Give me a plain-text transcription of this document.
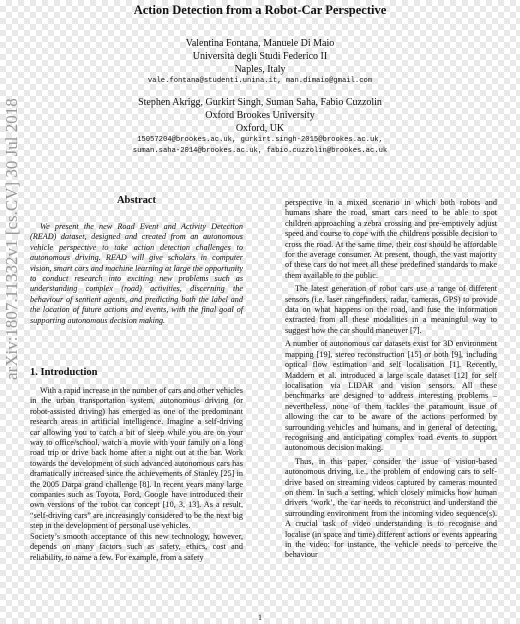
Action Detection from a Robot-Car Perspective
Valentina Fontana, Manuele Di Maio
Università degli Studi Federico II
Naples, Italy
vale.fontana@studenti.unina.it, man.dimaio@gmail.com
Stephen Akrigg, Gurkirt Singh, Suman Saha, Fabio Cuzzolin
Oxford Brookes University
Oxford, UK
15057204@brookes.ac.uk, gurkirt.singh-2015@brookes.ac.uk,
suman.saha-2014@brookes.ac.uk, fabio.cuzzolin@brookes.ac.uk
arXiv:1807.11332v1 [cs.CV] 30 Jul 2018	Abstract

We present the new Road Event and Activity Detection (READ) dataset, designed and created from an autonomous vehicle perspective to take action detection challenges to autonomous driving. READ will give scholars in computer vision, smart cars and machine learning at large the opportunity to conduct research into exciting new problems such as understanding complex (road) activities, discerning the behaviour of sentient agents, and predicting both the label and the location of future actions and events, with the final goal of supporting autonomous decision making.

1. Introduction

With a rapid increase in the number of cars and other vehicles in the urban transportation system, autonomous driving (or robot-assisted driving) has emerged as one of the predominant research areas in artificial intelligence. Imagine a self-driving car allowing you to catch a bit of sleep while you are on your way to office/school, watch a movie with your family on a long road trip or drive back home after a night out at the bar. Work towards the development of such advanced autonomous cars has dramatically increased since the achievements of Stanley [25] in the 2005 Darpa grand challenge [8]. In recent years many large companies such as Toyota, Ford, Google have introduced their own versions of the robot car concept [10, 3, 13]. As a result, “self-driving cars” are increasingly considered to be the next big step in the development of personal use vehicles.

Society’s smooth acceptance of this new technology, however, depends on many factors such as safety, ethics, cost and reliability, to name a few. For example, from a safety

perspective in a mixed scenario in which both robots and humans share the road, smart cars need to be able to spot children approaching a zebra crossing and pre-emptively adjust speed and course to cope with the childrens possible decision to cross the road. At the same time, their cost should be affordable for the average consumer. At present, though, the vast majority of these cars do not meet all these predefined standards to make them available to the public.

The latest generation of robot cars use a range of different sensors (i.e. laser rangefinders, radar, cameras, GPS) to provide data on what happens on the road, and fuse the information extracted from all these modalities in a meaningful way to suggest how the car should maneuver [7].

A number of autonomous car datasets exist for 3D environment mapping [19], stereo reconstruction [15] or both [9], including optical flow estimation and self localisation [1]. Recently, Maddern et al. introduced a large scale dataset [12] for self localisation via LIDAR and vision sensors. All these benchmarks are designed to address interesting problems – nevertheless, none of them tackles the paramount issue of allowing the car to be aware of the actions performed by surrounding vehicles and humans, and in general of detecting, recognising and anticipating complex road events to support autonomous decision making.

Thus, in this paper, consider the issue of vision-based autonomous driving, i.e., the problem of endowing cars to self-drive based on streaming videos captured by cameras mounted on them. In such a setting, which closely mimicks how human drivers ‘work’, the car needs to reconstruct and understand the surrounding environment from the incoming video sequence(s). A crucial task of video understanding is to recognise and localise (in space and time) different actions or events appearing in the video: for instance, the vehicle needs to perceive the behaviour

1
